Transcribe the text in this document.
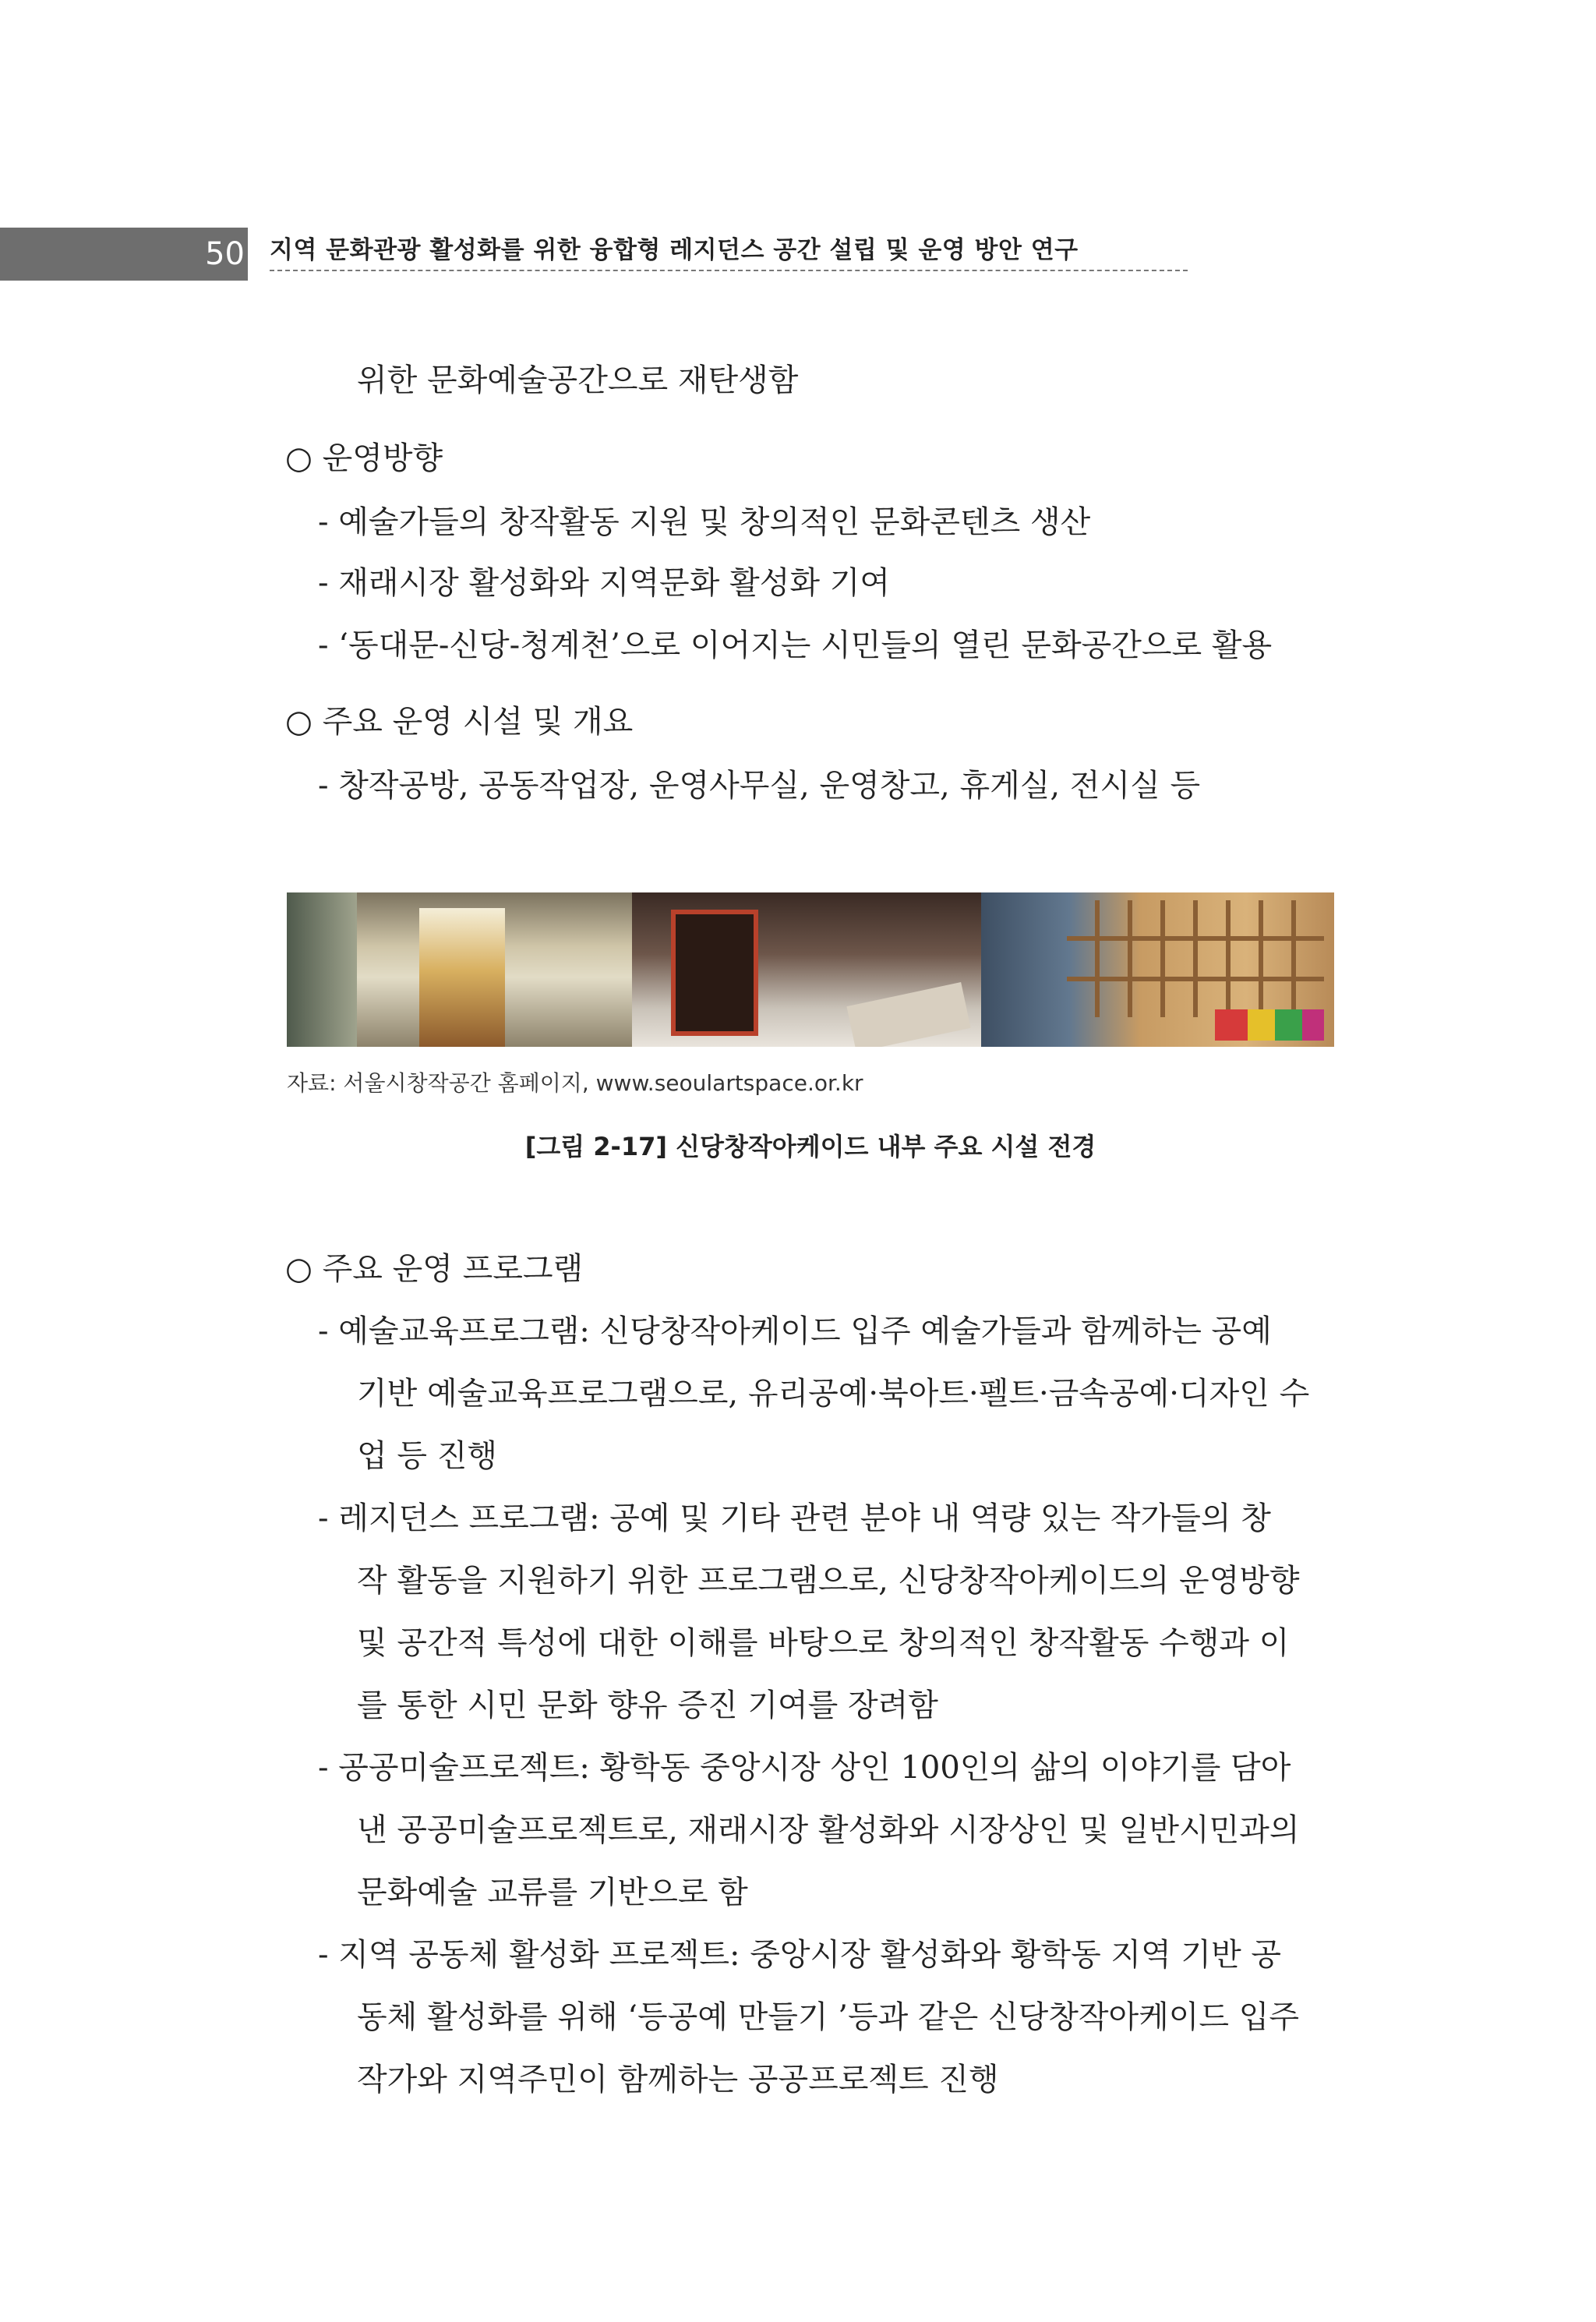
50 지역 문화관광 활성화를 위한 융합형 레지던스 공간 설립 및 운영 방안 연구
위한 문화예술공간으로 재탄생함
○ 운영방향
- 예술가들의 창작활동 지원 및 창의적인 문화콘텐츠 생산
- 재래시장 활성화와 지역문화 활성화 기여
- ‘동대문-신당-청계천’으로 이어지는 시민들의 열린 문화공간으로 활용
○ 주요 운영 시설 및 개요
- 창작공방, 공동작업장, 운영사무실, 운영창고, 휴게실, 전시실 등
자료: 서울시창작공간 홈페이지, www.seoulartspace.or.kr
[그림 2-17] 신당창작아케이드 내부 주요 시설 전경
○ 주요 운영 프로그램
- 예술교육프로그램: 신당창작아케이드 입주 예술가들과 함께하는 공예
기반 예술교육프로그램으로, 유리공예·북아트·펠트·금속공예·디자인 수
업 등 진행
- 레지던스 프로그램: 공예 및 기타 관련 분야 내 역량 있는 작가들의 창
작 활동을 지원하기 위한 프로그램으로, 신당창작아케이드의 운영방향
및 공간적 특성에 대한 이해를 바탕으로 창의적인 창작활동 수행과 이
를 통한 시민 문화 향유 증진 기여를 장려함
- 공공미술프로젝트: 황학동 중앙시장 상인 100인의 삶의 이야기를 담아
낸 공공미술프로젝트로, 재래시장 활성화와 시장상인 및 일반시민과의
문화예술 교류를 기반으로 함
- 지역 공동체 활성화 프로젝트: 중앙시장 활성화와 황학동 지역 기반 공
동체 활성화를 위해 ‘등공예 만들기 ’등과 같은 신당창작아케이드 입주
작가와 지역주민이 함께하는 공공프로젝트 진행
